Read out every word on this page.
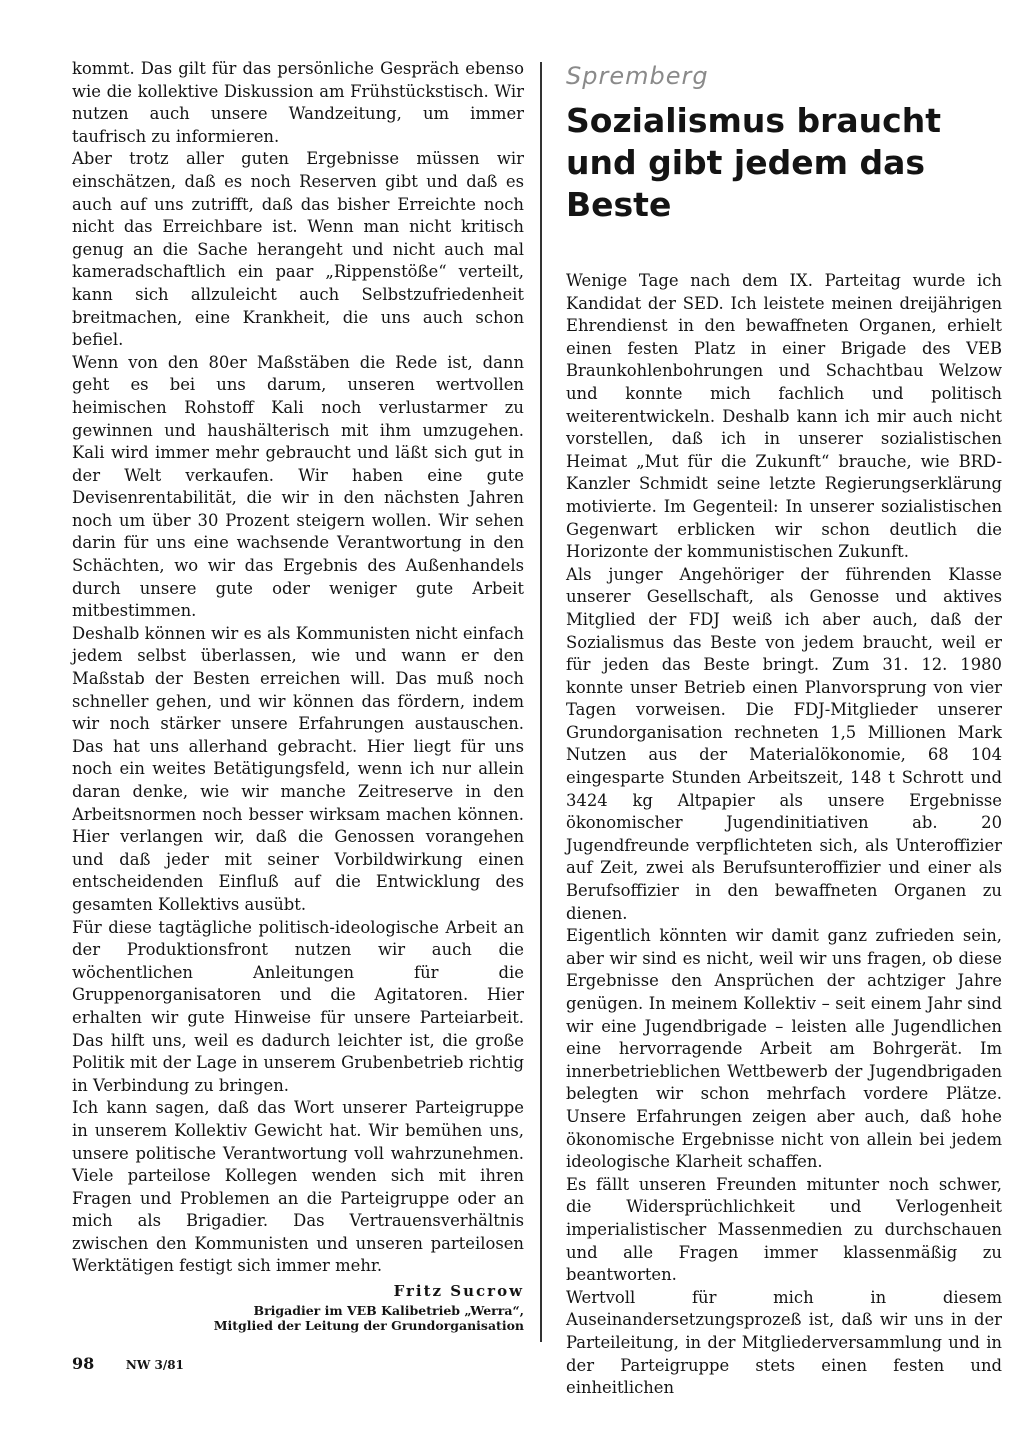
kommt. Das gilt für das persönliche Gespräch ebenso wie die kollektive Diskussion am Frühstückstisch. Wir nutzen auch unsere Wandzeitung, um immer taufrisch zu informieren.

Aber trotz aller guten Ergebnisse müssen wir einschätzen, daß es noch Reserven gibt und daß es auch auf uns zutrifft, daß das bisher Erreichte noch nicht das Erreichbare ist. Wenn man nicht kritisch genug an die Sache herangeht und nicht auch mal kameradschaftlich ein paar „Rippenstöße“ verteilt, kann sich allzuleicht auch Selbstzufriedenheit breitmachen, eine Krankheit, die uns auch schon befiel.

Wenn von den 80er Maßstäben die Rede ist, dann geht es bei uns darum, unseren wertvollen heimischen Rohstoff Kali noch verlustarmer zu gewinnen und haushälterisch mit ihm umzugehen. Kali wird immer mehr gebraucht und läßt sich gut in der Welt verkaufen. Wir haben eine gute Devisenrentabilität, die wir in den nächsten Jahren noch um über 30 Prozent steigern wollen. Wir sehen darin für uns eine wachsende Verantwortung in den Schächten, wo wir das Ergebnis des Außenhandels durch unsere gute oder weniger gute Arbeit mitbestimmen.

Deshalb können wir es als Kommunisten nicht einfach jedem selbst überlassen, wie und wann er den Maßstab der Besten erreichen will. Das muß noch schneller gehen, und wir können das fördern, indem wir noch stärker unsere Erfahrungen austauschen. Das hat uns allerhand gebracht. Hier liegt für uns noch ein weites Betätigungsfeld, wenn ich nur allein daran denke, wie wir manche Zeitreserve in den Arbeitsnormen noch besser wirksam machen können. Hier verlangen wir, daß die Genossen vorangehen und daß jeder mit seiner Vorbildwirkung einen entscheidenden Einfluß auf die Entwicklung des gesamten Kollektivs ausübt.

Für diese tagtägliche politisch-ideologische Arbeit an der Produktionsfront nutzen wir auch die wöchentlichen Anleitungen für die Gruppenorganisatoren und die Agitatoren. Hier erhalten wir gute Hinweise für unsere Parteiarbeit. Das hilft uns, weil es dadurch leichter ist, die große Politik mit der Lage in unserem Grubenbetrieb richtig in Verbindung zu bringen.

Ich kann sagen, daß das Wort unserer Parteigruppe in unserem Kollektiv Gewicht hat. Wir bemühen uns, unsere politische Verantwortung voll wahrzunehmen. Viele parteilose Kollegen wenden sich mit ihren Fragen und Problemen an die Parteigruppe oder an mich als Brigadier. Das Vertrauensverhältnis zwischen den Kommunisten und unseren parteilosen Werktätigen festigt sich immer mehr.

Fritz Sucrow
Brigadier im VEB Kalibetrieb „Werra“,
Mitglied der Leitung der Grundorganisation
Spremberg
Sozialismus braucht und gibt jedem das Beste

Wenige Tage nach dem IX. Parteitag wurde ich Kandidat der SED. Ich leistete meinen dreijährigen Ehrendienst in den bewaffneten Organen, erhielt einen festen Platz in einer Brigade des VEB Braunkohlenbohrungen und Schachtbau Welzow und konnte mich fachlich und politisch weiterentwickeln. Deshalb kann ich mir auch nicht vorstellen, daß ich in unserer sozialistischen Heimat „Mut für die Zukunft“ brauche, wie BRD-Kanzler Schmidt seine letzte Regierungserklärung motivierte. Im Gegenteil: In unserer sozialistischen Gegenwart erblicken wir schon deutlich die Horizonte der kommunistischen Zukunft.

Als junger Angehöriger der führenden Klasse unserer Gesellschaft, als Genosse und aktives Mitglied der FDJ weiß ich aber auch, daß der Sozialismus das Beste von jedem braucht, weil er für jeden das Beste bringt. Zum 31. 12. 1980 konnte unser Betrieb einen Planvorsprung von vier Tagen vorweisen. Die FDJ-Mitglieder unserer Grundorganisation rechneten 1,5 Millionen Mark Nutzen aus der Materialökonomie, 68 104 eingesparte Stunden Arbeitszeit, 148 t Schrott und 3424 kg Altpapier als unsere Ergebnisse ökonomischer Jugendinitiativen ab. 20 Jugendfreunde verpflichteten sich, als Unteroffizier auf Zeit, zwei als Berufsunteroffizier und einer als Berufsoffizier in den bewaffneten Organen zu dienen.

Eigentlich könnten wir damit ganz zufrieden sein, aber wir sind es nicht, weil wir uns fragen, ob diese Ergebnisse den Ansprüchen der achtziger Jahre genügen. In meinem Kollektiv – seit einem Jahr sind wir eine Jugendbrigade – leisten alle Jugendlichen eine hervorragende Arbeit am Bohrgerät. Im innerbetrieblichen Wettbewerb der Jugendbrigaden belegten wir schon mehrfach vordere Plätze. Unsere Erfahrungen zeigen aber auch, daß hohe ökonomische Ergebnisse nicht von allein bei jedem ideologische Klarheit schaffen.

Es fällt unseren Freunden mitunter noch schwer, die Widersprüchlichkeit und Verlogenheit imperialistischer Massenmedien zu durchschauen und alle Fragen immer klassenmäßig zu beantworten.

Wertvoll für mich in diesem Auseinandersetzungsprozeß ist, daß wir uns in der Parteileitung, in der Mitgliederversammlung und in der Parteigruppe stets einen festen und einheitlichen

98	NW 3/81
